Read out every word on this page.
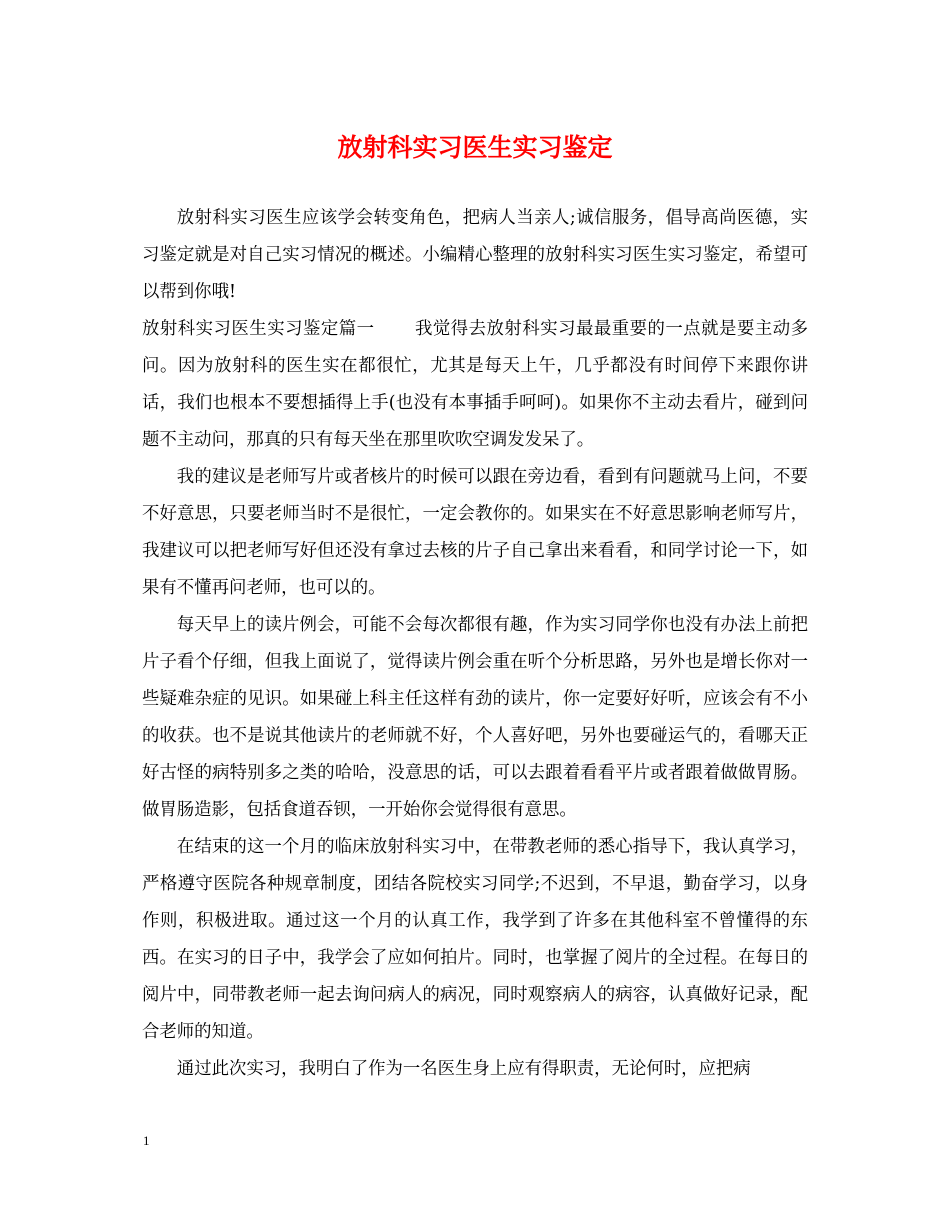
放射科实习医生实习鉴定

放射科实习医生应该学会转变角色，把病人当亲人;诚信服务，倡导高尚医德，实习鉴定就是对自己实习情况的概述。小编精心整理的放射科实习医生实习鉴定，希望可以帮到你哦!

放射科实习医生实习鉴定篇一 我觉得去放射科实习最最重要的一点就是要主动多问。因为放射科的医生实在都很忙，尤其是每天上午，几乎都没有时间停下来跟你讲话，我们也根本不要想插得上手(也没有本事插手呵呵)。如果你不主动去看片，碰到问题不主动问，那真的只有每天坐在那里吹吹空调发发呆了。

我的建议是老师写片或者核片的时候可以跟在旁边看，看到有问题就马上问，不要不好意思，只要老师当时不是很忙，一定会教你的。如果实在不好意思影响老师写片，我建议可以把老师写好但还没有拿过去核的片子自己拿出来看看，和同学讨论一下，如果有不懂再问老师，也可以的。

每天早上的读片例会，可能不会每次都很有趣，作为实习同学你也没有办法上前把片子看个仔细，但我上面说了，觉得读片例会重在听个分析思路，另外也是增长你对一些疑难杂症的见识。如果碰上科主任这样有劲的读片，你一定要好好听，应该会有不小的收获。也不是说其他读片的老师就不好，个人喜好吧，另外也要碰运气的，看哪天正好古怪的病特别多之类的哈哈，没意思的话，可以去跟着看看平片或者跟着做做胃肠。做胃肠造影，包括食道吞钡，一开始你会觉得很有意思。

在结束的这一个月的临床放射科实习中，在带教老师的悉心指导下，我认真学习，严格遵守医院各种规章制度，团结各院校实习同学;不迟到，不早退，勤奋学习，以身作则，积极进取。通过这一个月的认真工作，我学到了许多在其他科室不曾懂得的东西。在实习的日子中，我学会了应如何拍片。同时，也掌握了阅片的全过程。在每日的阅片中，同带教老师一起去询问病人的病况，同时观察病人的病容，认真做好记录，配合老师的知道。

通过此次实习，我明白了作为一名医生身上应有得职责，无论何时，应把病

1
